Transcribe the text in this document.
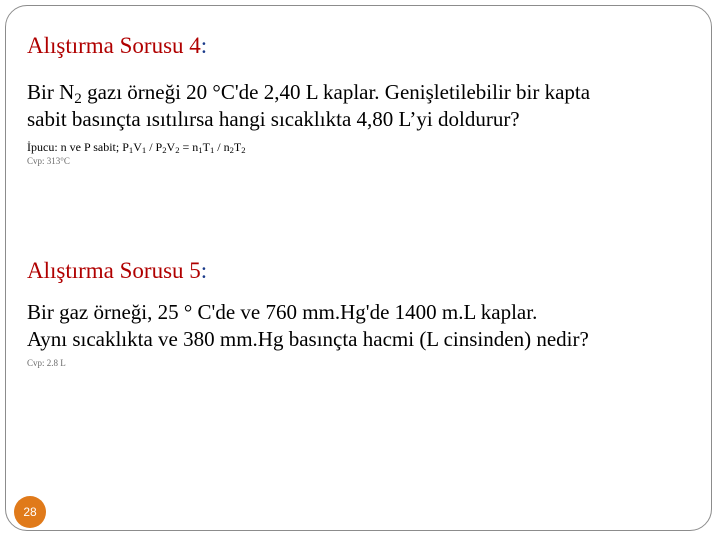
Alıştırma Sorusu 4:
Bir $N_2$ gazı örneği 20 °C'de 2,40 L kaplar. Genişletilebilir bir kapta
sabit basınçta ısıtılırsa hangi sıcaklıkta 4,80 L’yi doldurur?
İpucu: n ve P sabit; $P_1V_1 / P_2V_2 = n_1T_1 / n_2T_2$
Cvp: 313°C
Alıştırma Sorusu 5:
Bir gaz örneği, 25 ° C'de ve 760 mm.Hg'de 1400 m.L kaplar.
Aynı sıcaklıkta ve 380 mm.Hg basınçta hacmi (L cinsinden) nedir?
Cvp: 2.8 L
28
